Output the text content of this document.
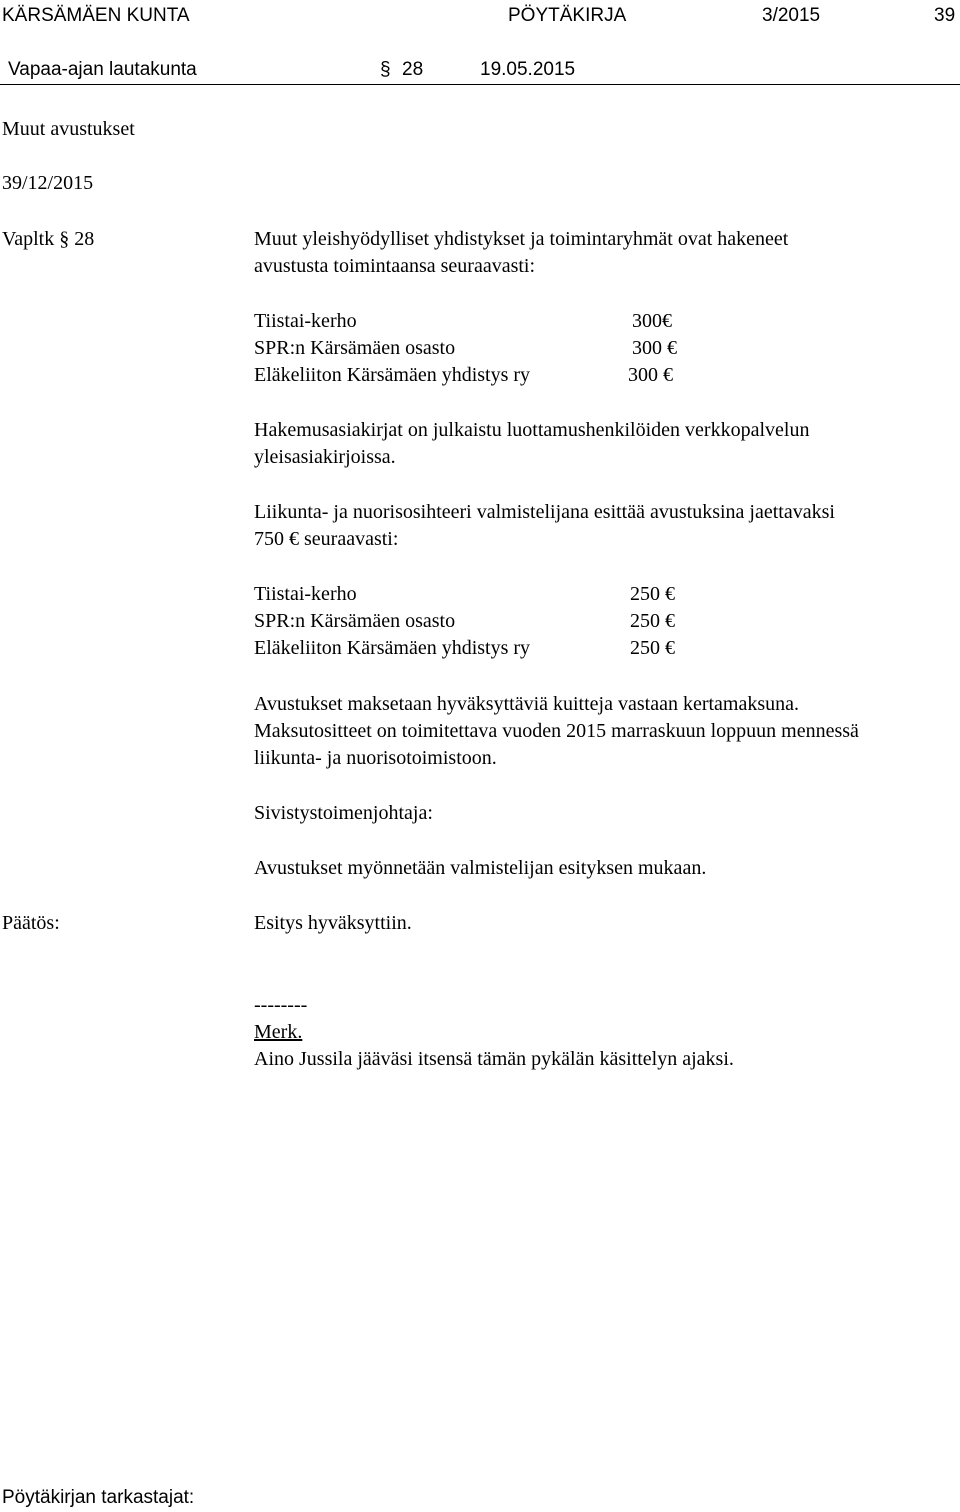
KÄRSÄMÄEN KUNTA	PÖYTÄKIRJA	3/2015	39
Vapaa-ajan lautakunta	§ 28	19.05.2015
Muut avustukset
39/12/2015
Vapltk § 28	Muut yleishyödylliset yhdistykset ja toimintaryhmät ovat hakeneet
avustusta toimintaansa seuraavasti:
Tiistai-kerho	300€
SPR:n Kärsämäen osasto	300 €
Eläkeliiton Kärsämäen yhdistys ry	300 €
Hakemusasiakirjat on julkaistu luottamushenkilöiden verkkopalvelun
yleisasiakirjoissa.
Liikunta- ja nuorisosihteeri valmistelijana esittää avustuksina jaettavaksi
750 € seuraavasti:
Tiistai-kerho	250 €
SPR:n Kärsämäen osasto	250 €
Eläkeliiton Kärsämäen yhdistys ry	250 €
Avustukset maksetaan hyväksyttäviä kuitteja vastaan kertamaksuna.
Maksutositteet on toimitettava vuoden 2015 marraskuun loppuun mennessä
liikunta- ja nuorisotoimistoon.
Sivistystoimenjohtaja:
Avustukset myönnetään valmistelijan esityksen mukaan.
Päätös:	Esitys hyväksyttiin.
--------
Merk.
Aino Jussila jääväsi itsensä tämän pykälän käsittelyn ajaksi.
Pöytäkirjan tarkastajat:
